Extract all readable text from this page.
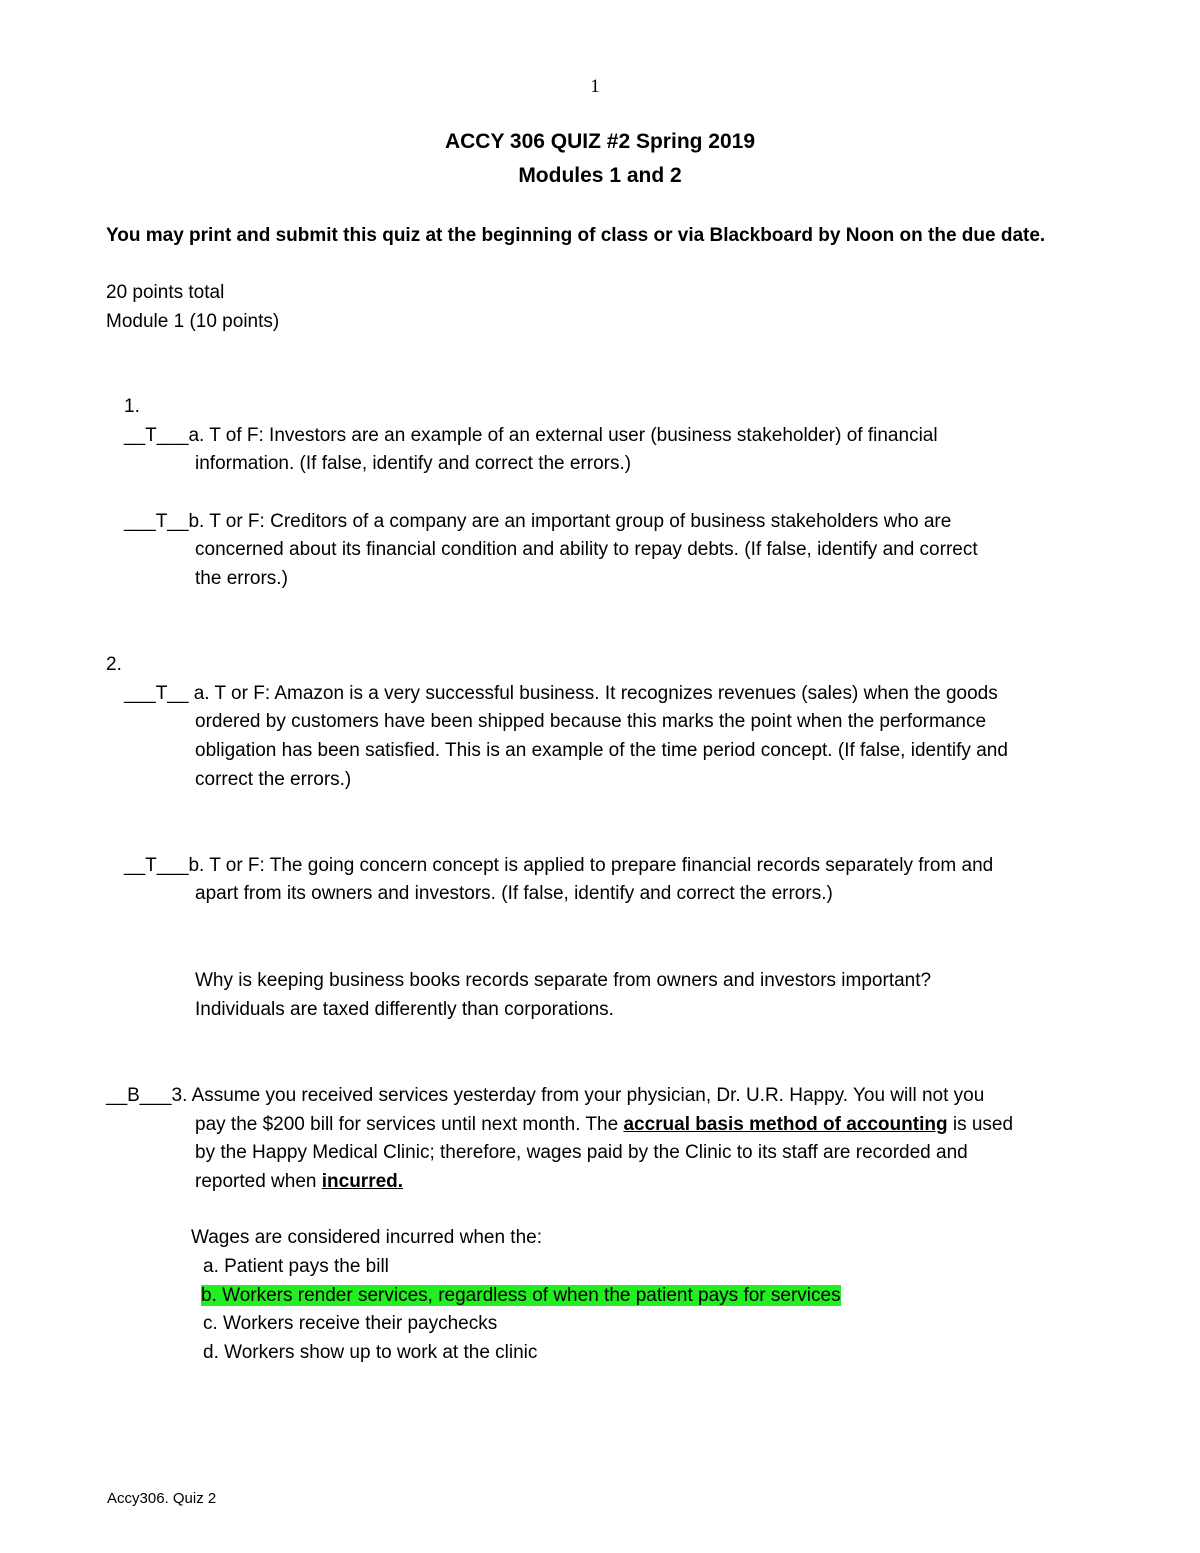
1
ACCY 306 QUIZ #2 Spring 2019
Modules 1 and 2
You may print and submit this quiz at the beginning of class or via Blackboard by Noon on the due date.
20 points total
Module 1 (10 points)
1.
__T___a. T of F: Investors are an example of an external user (business stakeholder) of financial
information. (If false, identify and correct the errors.)
___T__b. T or F: Creditors of a company are an important group of business stakeholders who are
concerned about its financial condition and ability to repay debts. (If false, identify and correct
the errors.)
2.
___T__ a. T or F: Amazon is a very successful business. It recognizes revenues (sales) when the goods
ordered by customers have been shipped because this marks the point when the performance
obligation has been satisfied. This is an example of the time period concept. (If false, identify and
correct the errors.)
__T___b. T or F: The going concern concept is applied to prepare financial records separately from and
apart from its owners and investors. (If false, identify and correct the errors.)
Why is keeping business books records separate from owners and investors important?
Individuals are taxed differently than corporations.
__B___3. Assume you received services yesterday from your physician, Dr. U.R. Happy. You will not you
pay the $200 bill for services until next month. The accrual basis method of accounting is used
by the Happy Medical Clinic; therefore, wages paid by the Clinic to its staff are recorded and
reported when incurred.
Wages are considered incurred when the:
a. Patient pays the bill
b. Workers render services, regardless of when the patient pays for services
c. Workers receive their paychecks
d. Workers show up to work at the clinic
Accy306. Quiz 2
